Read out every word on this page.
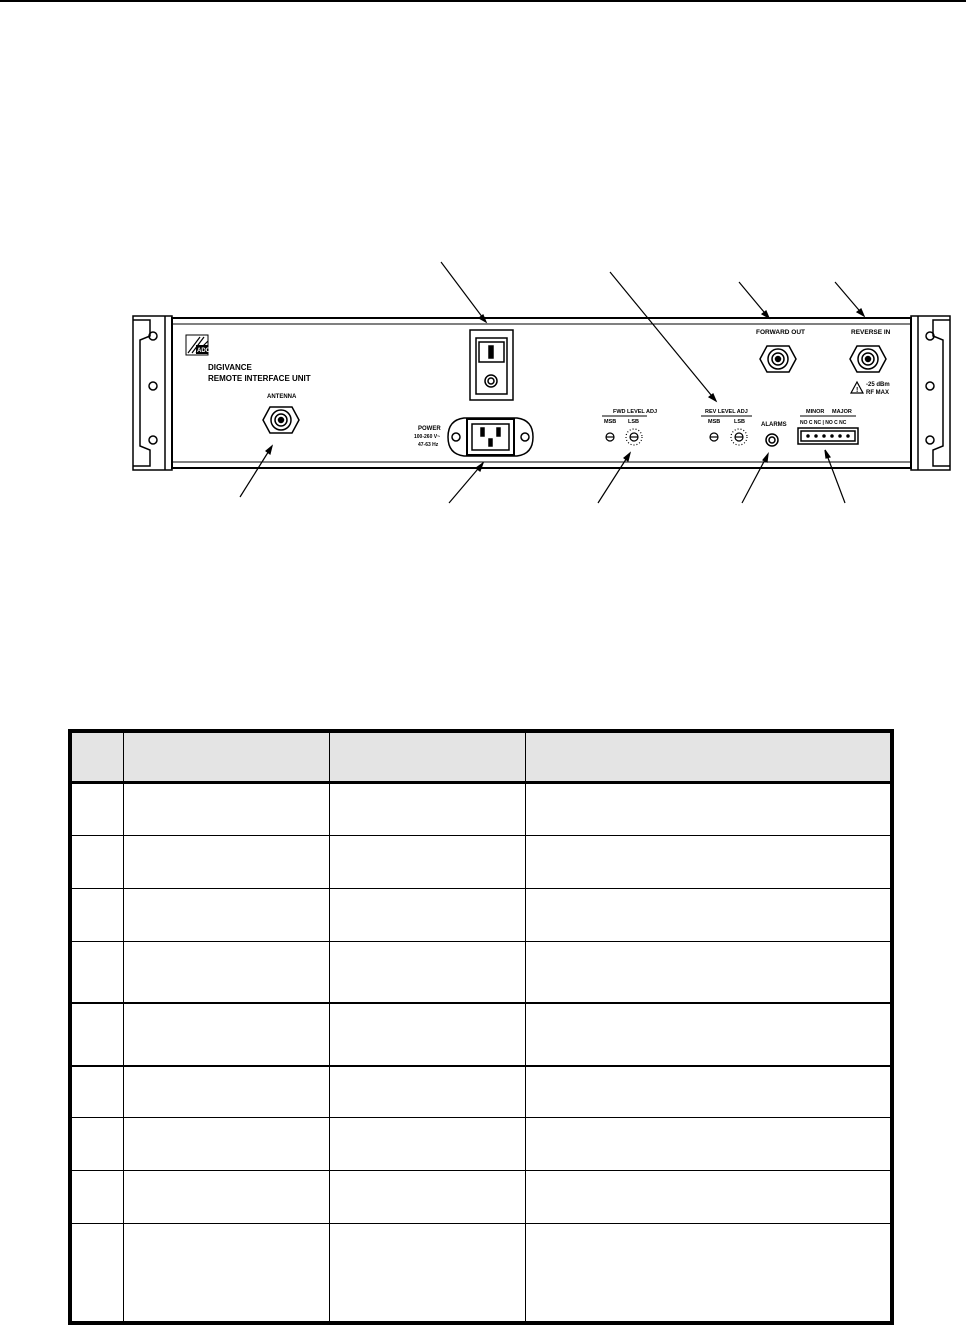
ADC
DIGIVANCE
REMOTE INTERFACE UNIT
ANTENNA
POWER
100-260 V~
47-63 Hz
FWD LEVEL ADJ
MSB LSB
REV LEVEL ADJ
MSB	LSB	ALARMS
MINOR MAJOR
NO C NC | NO C NC
FORWARD OUT	REVERSE IN
!
-25 dBm
RF MAX
